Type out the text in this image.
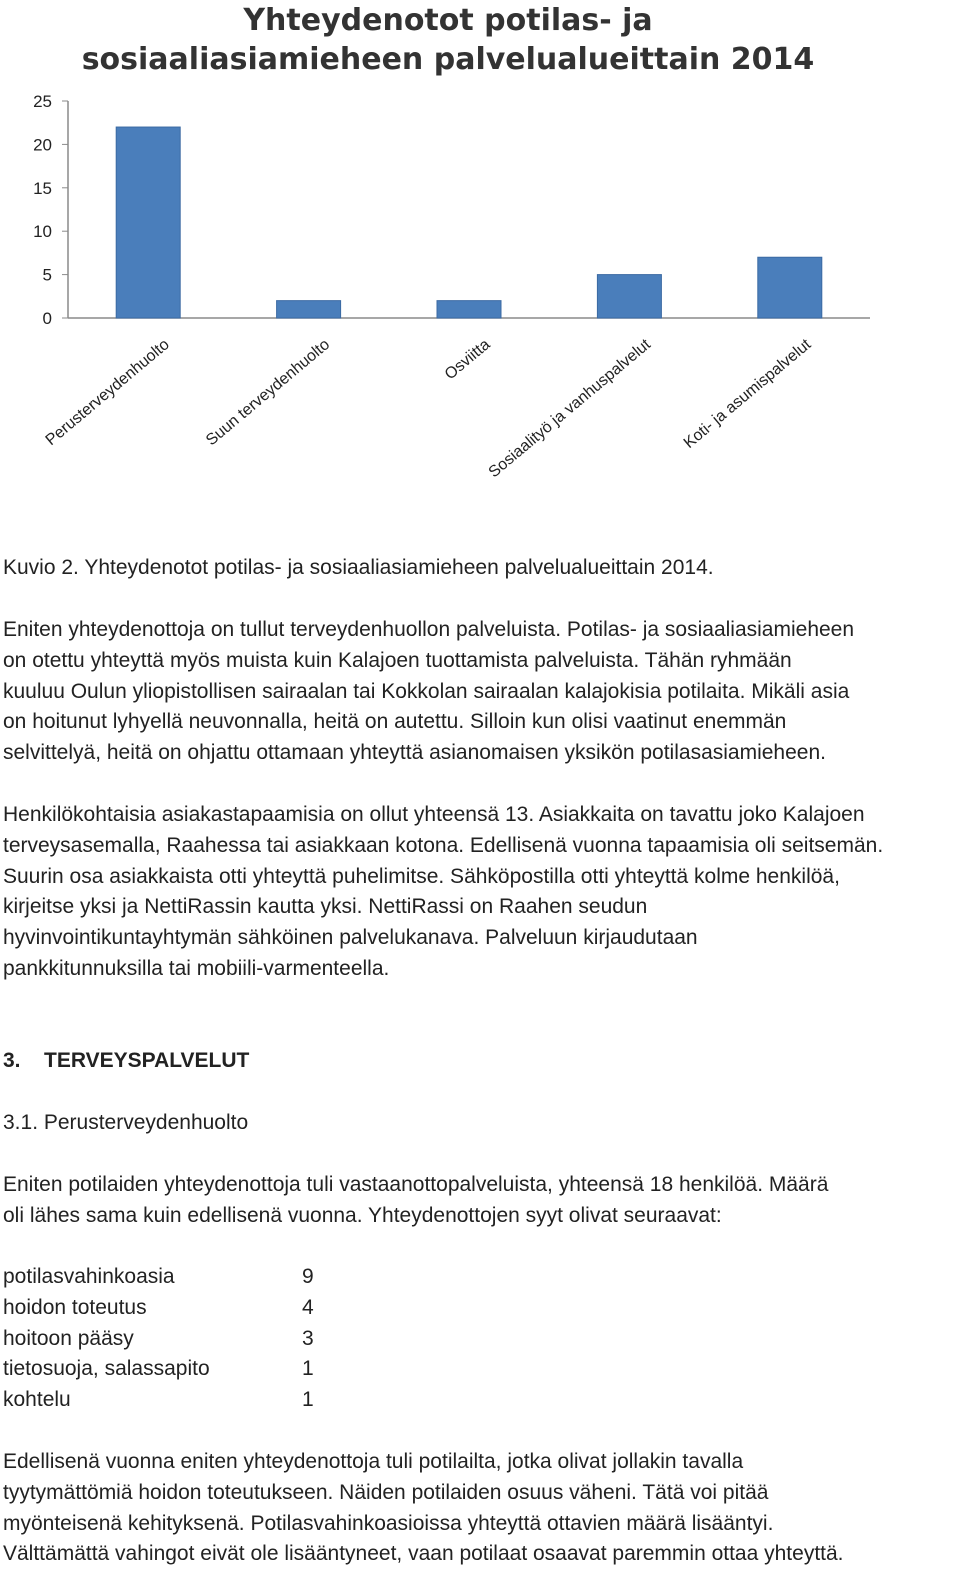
Yhteydenotot potilas- ja
sosiaaliasiamieheen palvelualueittain 2014
0
5
10
15
20
25
Perusterveydenhuolto Suun terveydenhuolto	Osviitta
Sosiaalityö ja vanhuspalvelut Koti- ja asumispalvelut
Kuvio 2. Yhteydenotot potilas- ja sosiaaliasiamieheen palvelualueittain 2014.
Eniten yhteydenottoja on tullut terveydenhuollon palveluista. Potilas- ja sosiaaliasiamieheen
on otettu yhteyttä myös muista kuin Kalajoen tuottamista palveluista. Tähän ryhmään
kuuluu Oulun yliopistollisen sairaalan tai Kokkolan sairaalan kalajokisia potilaita. Mikäli asia
on hoitunut lyhyellä neuvonnalla, heitä on autettu. Silloin kun olisi vaatinut enemmän
selvittelyä, heitä on ohjattu ottamaan yhteyttä asianomaisen yksikön potilasasiamieheen.
Henkilökohtaisia asiakastapaamisia on ollut yhteensä 13. Asiakkaita on tavattu joko Kalajoen
terveysasemalla, Raahessa tai asiakkaan kotona. Edellisenä vuonna tapaamisia oli seitsemän.
Suurin osa asiakkaista otti yhteyttä puhelimitse. Sähköpostilla otti yhteyttä kolme henkilöä,
kirjeitse yksi ja NettiRassin kautta yksi. NettiRassi on Raahen seudun
hyvinvointikuntayhtymän sähköinen palvelukanava. Palveluun kirjaudutaan
pankkitunnuksilla tai mobiili-varmenteella.
3. TERVEYSPALVELUT
3.1. Perusterveydenhuolto
Eniten potilaiden yhteydenottoja tuli vastaanottopalveluista, yhteensä 18 henkilöä. Määrä
oli lähes sama kuin edellisenä vuonna. Yhteydenottojen syyt olivat seuraavat:
potilasvahinkoasia	9
hoidon toteutus	4
hoitoon pääsy	3
tietosuoja, salassapito	1
kohtelu	1
Edellisenä vuonna eniten yhteydenottoja tuli potilailta, jotka olivat jollakin tavalla
tyytymättömiä hoidon toteutukseen. Näiden potilaiden osuus väheni. Tätä voi pitää
myönteisenä kehityksenä. Potilasvahinkoasioissa yhteyttä ottavien määrä lisääntyi.
Välttämättä vahingot eivät ole lisääntyneet, vaan potilaat osaavat paremmin ottaa yhteyttä.
